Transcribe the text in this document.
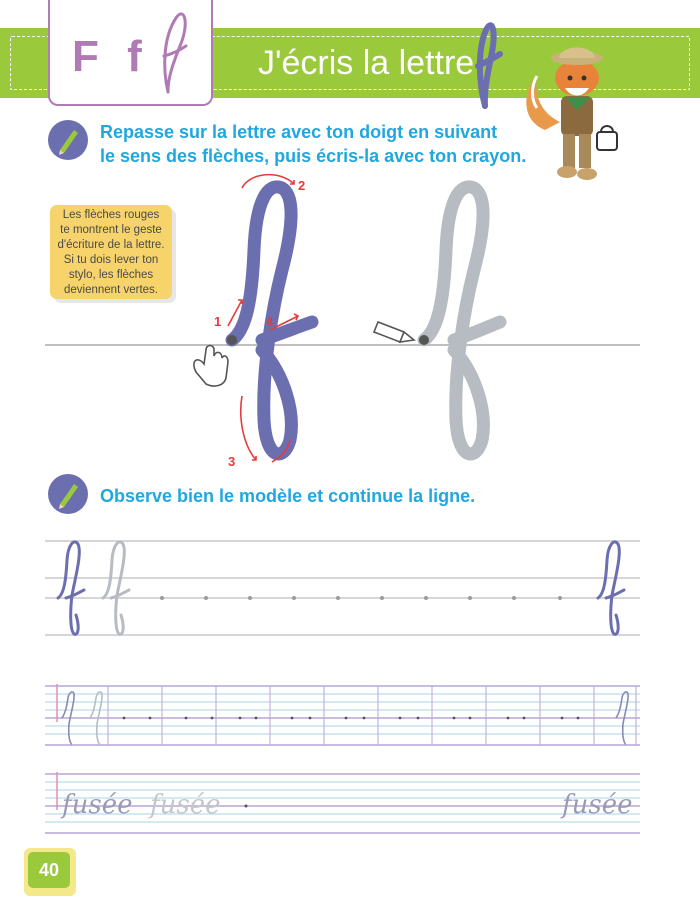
F f	J'écris la lettre
Repasse sur la lettre avec ton doigt en suivant
le sens des flèches, puis écris-la avec ton crayon.
Les flèches rouges
te montrent le geste
d'écriture de la lettre.
Si tu dois lever ton
stylo, les flèches
deviennent vertes.
1
2
3
4
Observe bien le modèle et continue la ligne.
fusée fusée	fusée
40
